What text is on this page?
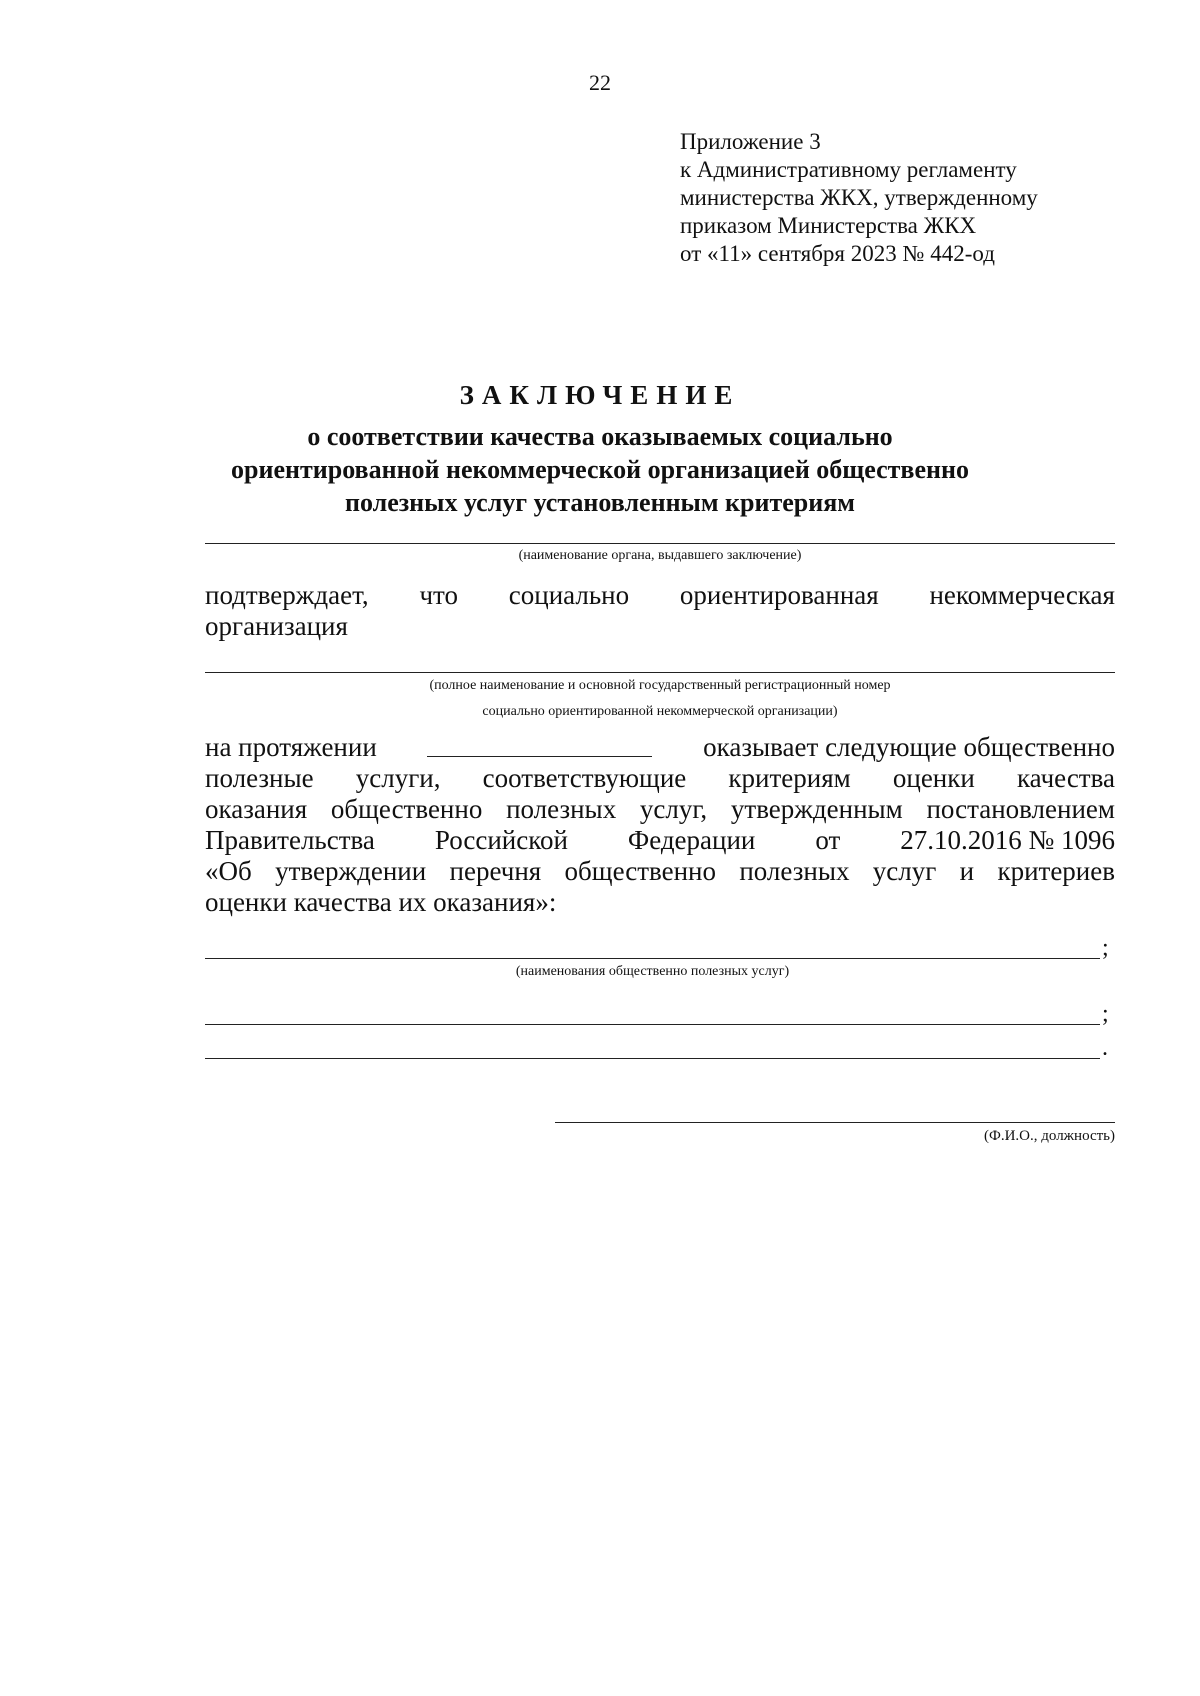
22
Приложение 3
к Административному регламенту
министерства ЖКХ, утвержденному
приказом Министерства ЖКХ
от «11» сентября 2023 № 442-од
ЗАКЛЮЧЕНИЕ
о соответствии качества оказываемых социально
ориентированной некоммерческой организацией общественно
полезных услуг установленным критериям
(наименование органа, выдавшего заключение)
подтверждает, что социально ориентированная некоммерческая
организация
(полное наименование и основной государственный регистрационный номер
социально ориентированной некоммерческой организации)
на протяжении	оказывает следующие общественно
полезные услуги, соответствующие критериям оценки качества
оказания общественно полезных услуг, утвержденным постановлением
Правительства Российской Федерации от 27.10.2016 № 1096
«Об утверждении перечня общественно полезных услуг и критериев
оценки качества их оказания»:
;
(наименования общественно полезных услуг)
;
.
(Ф.И.О., должность)
